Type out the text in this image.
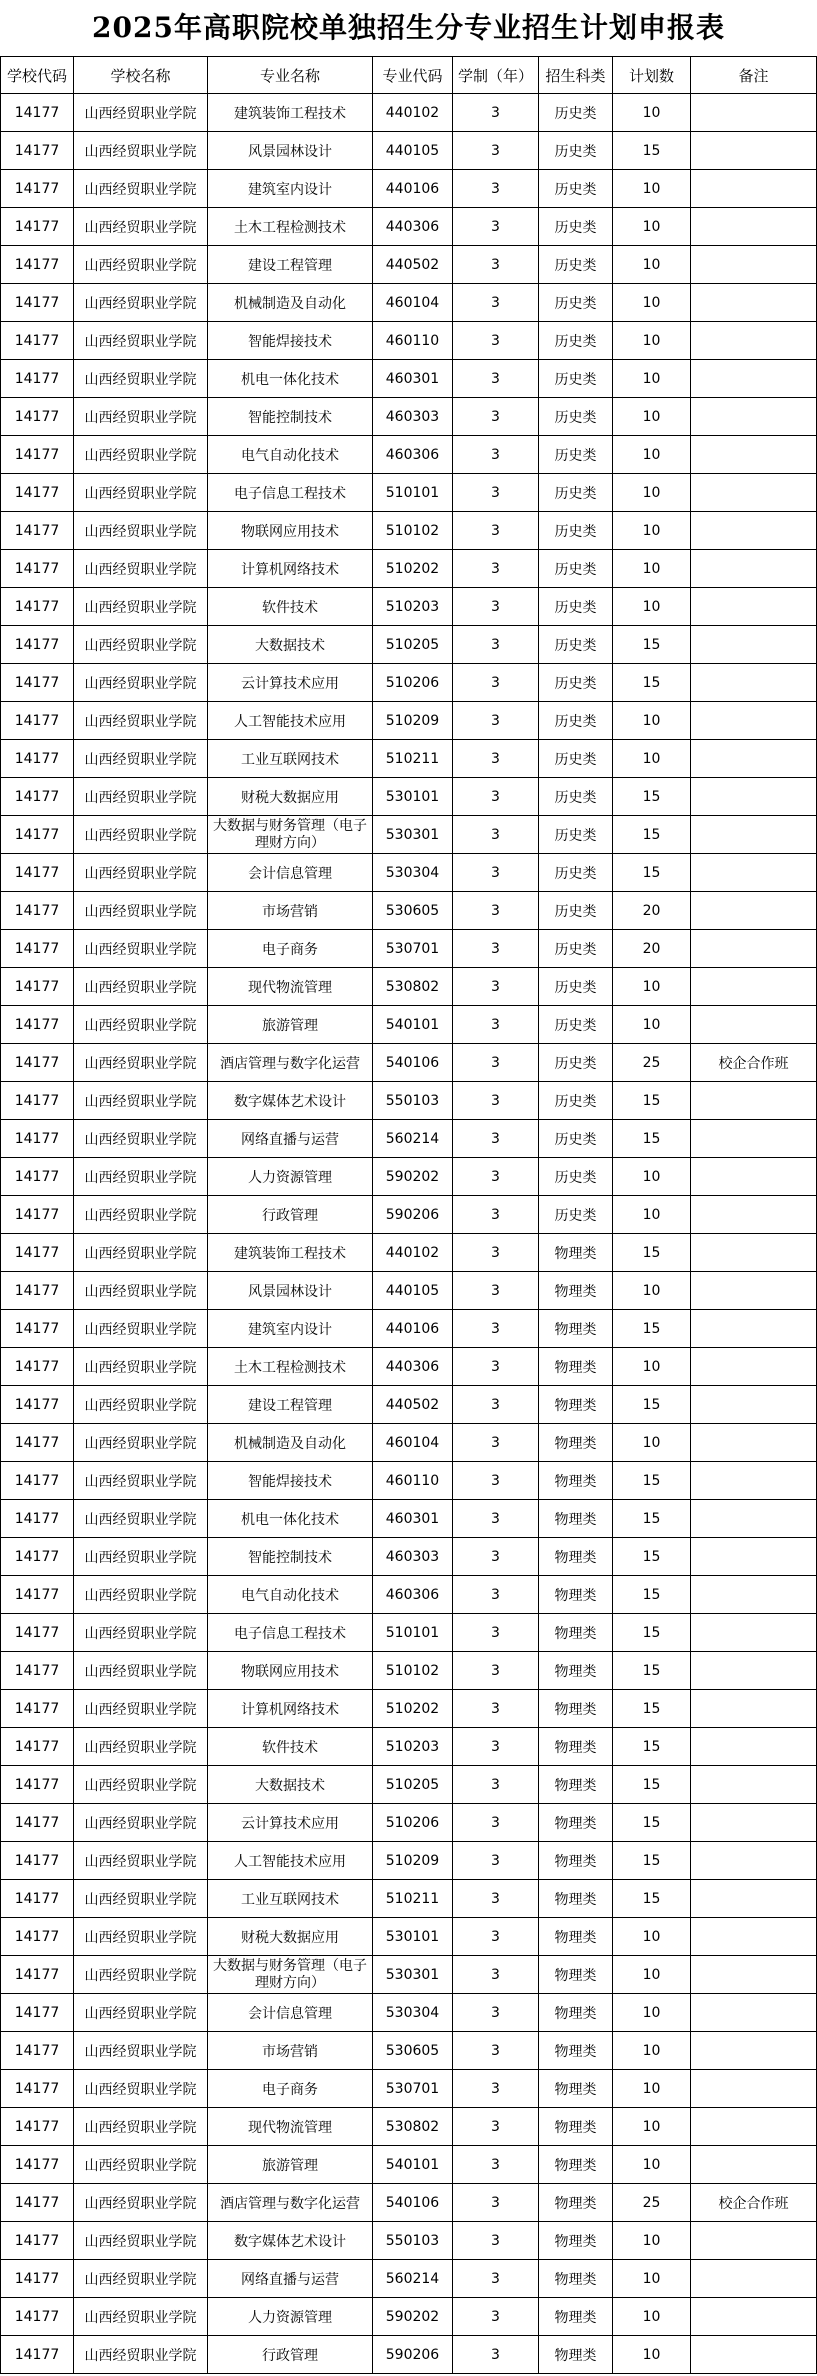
2025年高职院校单独招生分专业招生计划申报表
学校代码	学校名称	专业名称	专业代码	学制（年）	招生科类	计划数	备注
14177	山西经贸职业学院	建筑装饰工程技术	440102	3	历史类	10	
14177	山西经贸职业学院	风景园林设计	440105	3	历史类	15	
14177	山西经贸职业学院	建筑室内设计	440106	3	历史类	10	
14177	山西经贸职业学院	土木工程检测技术	440306	3	历史类	10	
14177	山西经贸职业学院	建设工程管理	440502	3	历史类	10	
14177	山西经贸职业学院	机械制造及自动化	460104	3	历史类	10	
14177	山西经贸职业学院	智能焊接技术	460110	3	历史类	10	
14177	山西经贸职业学院	机电一体化技术	460301	3	历史类	10	
14177	山西经贸职业学院	智能控制技术	460303	3	历史类	10	
14177	山西经贸职业学院	电气自动化技术	460306	3	历史类	10	
14177	山西经贸职业学院	电子信息工程技术	510101	3	历史类	10	
14177	山西经贸职业学院	物联网应用技术	510102	3	历史类	10	
14177	山西经贸职业学院	计算机网络技术	510202	3	历史类	10	
14177	山西经贸职业学院	软件技术	510203	3	历史类	10	
14177	山西经贸职业学院	大数据技术	510205	3	历史类	15	
14177	山西经贸职业学院	云计算技术应用	510206	3	历史类	15	
14177	山西经贸职业学院	人工智能技术应用	510209	3	历史类	10	
14177	山西经贸职业学院	工业互联网技术	510211	3	历史类	10	
14177	山西经贸职业学院	财税大数据应用	530101	3	历史类	15	
14177	山西经贸职业学院	大数据与财务管理（电子理财方向）	530301	3	历史类	15	
14177	山西经贸职业学院	会计信息管理	530304	3	历史类	15	
14177	山西经贸职业学院	市场营销	530605	3	历史类	20	
14177	山西经贸职业学院	电子商务	530701	3	历史类	20	
14177	山西经贸职业学院	现代物流管理	530802	3	历史类	10	
14177	山西经贸职业学院	旅游管理	540101	3	历史类	10	
14177	山西经贸职业学院	酒店管理与数字化运营	540106	3	历史类	25	校企合作班
14177	山西经贸职业学院	数字媒体艺术设计	550103	3	历史类	15	
14177	山西经贸职业学院	网络直播与运营	560214	3	历史类	15	
14177	山西经贸职业学院	人力资源管理	590202	3	历史类	10	
14177	山西经贸职业学院	行政管理	590206	3	历史类	10	
14177	山西经贸职业学院	建筑装饰工程技术	440102	3	物理类	15	
14177	山西经贸职业学院	风景园林设计	440105	3	物理类	10	
14177	山西经贸职业学院	建筑室内设计	440106	3	物理类	15	
14177	山西经贸职业学院	土木工程检测技术	440306	3	物理类	10	
14177	山西经贸职业学院	建设工程管理	440502	3	物理类	15	
14177	山西经贸职业学院	机械制造及自动化	460104	3	物理类	10	
14177	山西经贸职业学院	智能焊接技术	460110	3	物理类	15	
14177	山西经贸职业学院	机电一体化技术	460301	3	物理类	15	
14177	山西经贸职业学院	智能控制技术	460303	3	物理类	15	
14177	山西经贸职业学院	电气自动化技术	460306	3	物理类	15	
14177	山西经贸职业学院	电子信息工程技术	510101	3	物理类	15	
14177	山西经贸职业学院	物联网应用技术	510102	3	物理类	15	
14177	山西经贸职业学院	计算机网络技术	510202	3	物理类	15	
14177	山西经贸职业学院	软件技术	510203	3	物理类	15	
14177	山西经贸职业学院	大数据技术	510205	3	物理类	15	
14177	山西经贸职业学院	云计算技术应用	510206	3	物理类	15	
14177	山西经贸职业学院	人工智能技术应用	510209	3	物理类	15	
14177	山西经贸职业学院	工业互联网技术	510211	3	物理类	15	
14177	山西经贸职业学院	财税大数据应用	530101	3	物理类	10	
14177	山西经贸职业学院	大数据与财务管理（电子理财方向）	530301	3	物理类	10	
14177	山西经贸职业学院	会计信息管理	530304	3	物理类	10	
14177	山西经贸职业学院	市场营销	530605	3	物理类	10	
14177	山西经贸职业学院	电子商务	530701	3	物理类	10	
14177	山西经贸职业学院	现代物流管理	530802	3	物理类	10	
14177	山西经贸职业学院	旅游管理	540101	3	物理类	10	
14177	山西经贸职业学院	酒店管理与数字化运营	540106	3	物理类	25	校企合作班
14177	山西经贸职业学院	数字媒体艺术设计	550103	3	物理类	10	
14177	山西经贸职业学院	网络直播与运营	560214	3	物理类	10	
14177	山西经贸职业学院	人力资源管理	590202	3	物理类	10	
14177	山西经贸职业学院	行政管理	590206	3	物理类	10	
